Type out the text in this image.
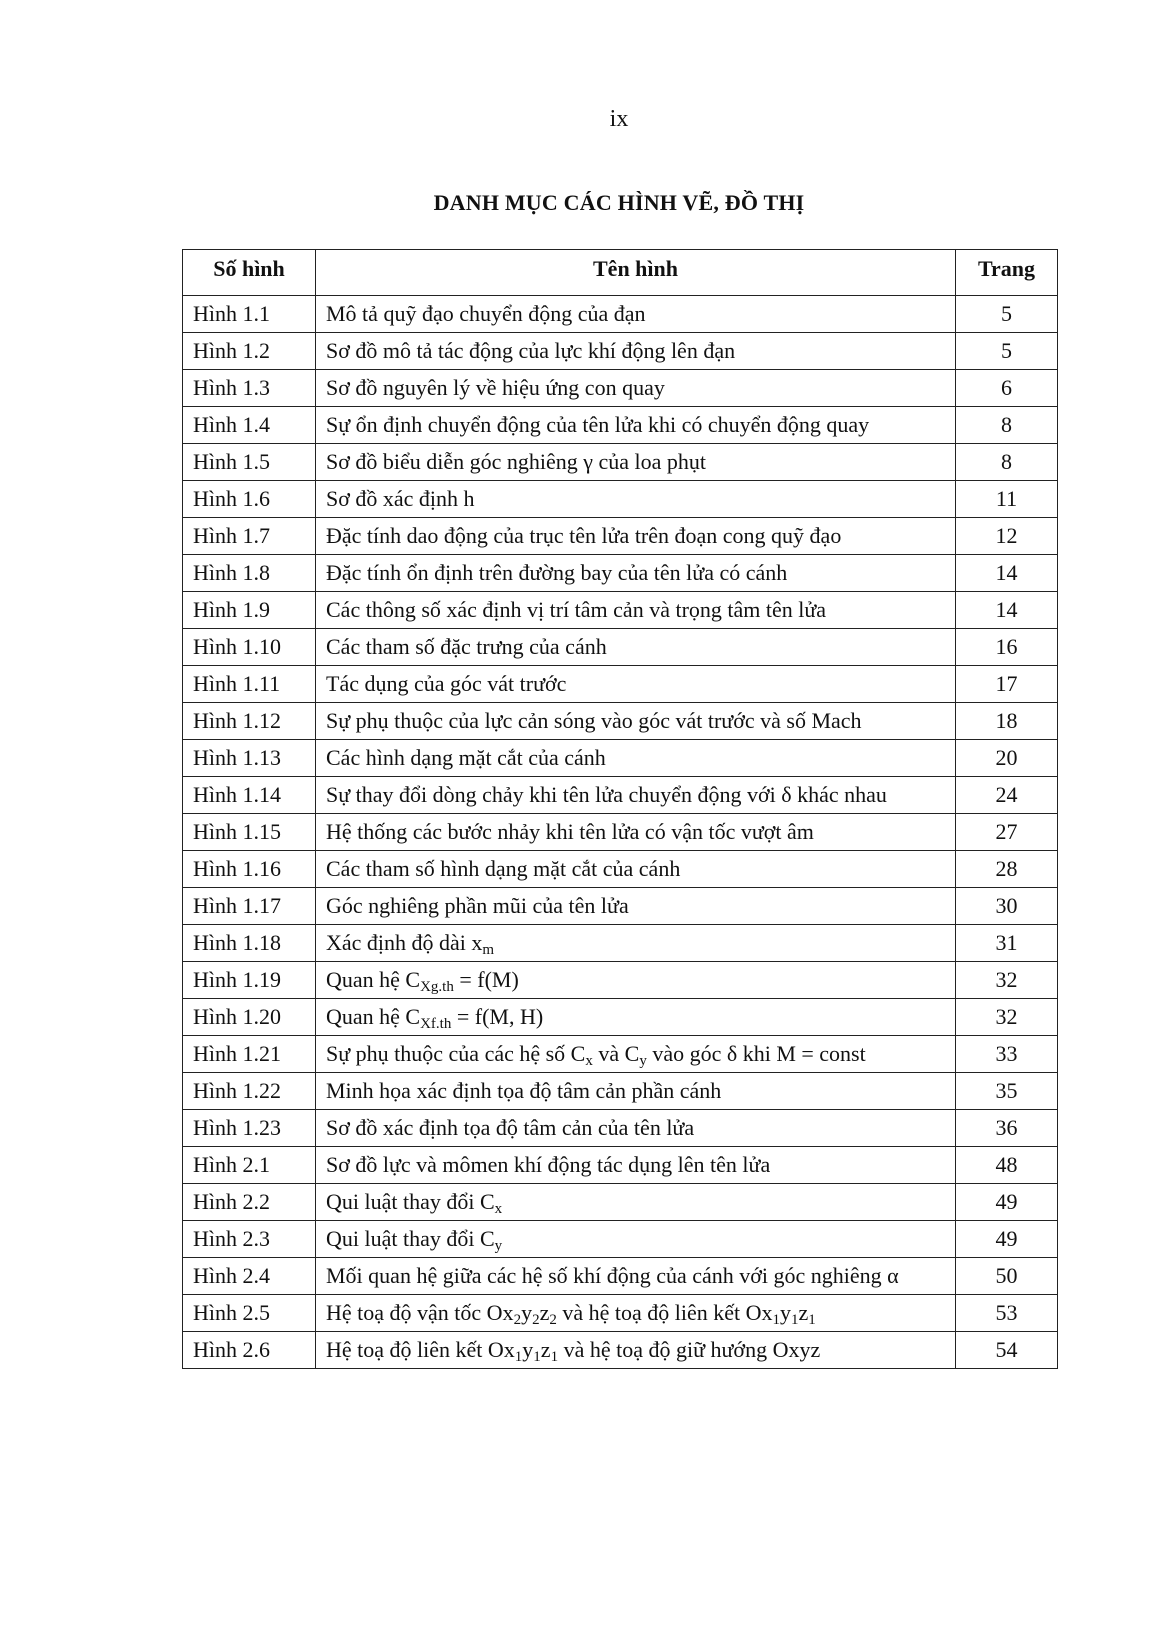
ix
DANH MỤC CÁC HÌNH VẼ, ĐỒ THỊ
Số hình	Tên hình	Trang
Hình 1.1	Mô tả quỹ đạo chuyển động của đạn	5
Hình 1.2	Sơ đồ mô tả tác động của lực khí động lên đạn	5
Hình 1.3	Sơ đồ nguyên lý về hiệu ứng con quay	6
Hình 1.4	Sự ổn định chuyển động của tên lửa khi có chuyển động quay	8
Hình 1.5	Sơ đồ biểu diễn góc nghiêng γ của loa phụt	8
Hình 1.6	Sơ đồ xác định h	11
Hình 1.7	Đặc tính dao động của trục tên lửa trên đoạn cong quỹ đạo	12
Hình 1.8	Đặc tính ổn định trên đường bay của tên lửa có cánh	14
Hình 1.9	Các thông số xác định vị trí tâm cản và trọng tâm tên lửa	14
Hình 1.10	Các tham số đặc trưng của cánh	16
Hình 1.11	Tác dụng của góc vát trước	17
Hình 1.12	Sự phụ thuộc của lực cản sóng vào góc vát trước và số Mach	18
Hình 1.13	Các hình dạng mặt cắt của cánh	20
Hình 1.14	Sự thay đổi dòng chảy khi tên lửa chuyển động với δ khác nhau	24
Hình 1.15	Hệ thống các bước nhảy khi tên lửa có vận tốc vượt âm	27
Hình 1.16	Các tham số hình dạng mặt cắt của cánh	28
Hình 1.17	Góc nghiêng phần mũi của tên lửa	30
Hình 1.18	Xác định độ dài $x_m$	31
Hình 1.19	Quan hệ $C_{Xg.th} = f(M)$	32
Hình 1.20	Quan hệ $C_{Xf.th} = f(M$, H)	32
Hình 1.21	Sự phụ thuộc của các hệ số $C_x$ và $C_y$ vào góc δ khi M = const	33
Hình 1.22	Minh họa xác định tọa độ tâm cản phần cánh	35
Hình 1.23	Sơ đồ xác định tọa độ tâm cản của tên lửa	36
Hình 2.1	Sơ đồ lực và mômen khí động tác dụng lên tên lửa	48
Hình 2.2	Qui luật thay đổi $C_x$	49
Hình 2.3	Qui luật thay đổi $C_y$	49
Hình 2.4	Mối quan hệ giữa các hệ số khí động của cánh với góc nghiêng α	50
Hình 2.5	Hệ toạ độ vận tốc $Ox_2y_2z_2$ và hệ toạ độ liên kết $Ox_1y_1z_1$	53
Hình 2.6	Hệ toạ độ liên kết $Ox_1y_1z_1$ và hệ toạ độ giữ hướng Oxyz	54
